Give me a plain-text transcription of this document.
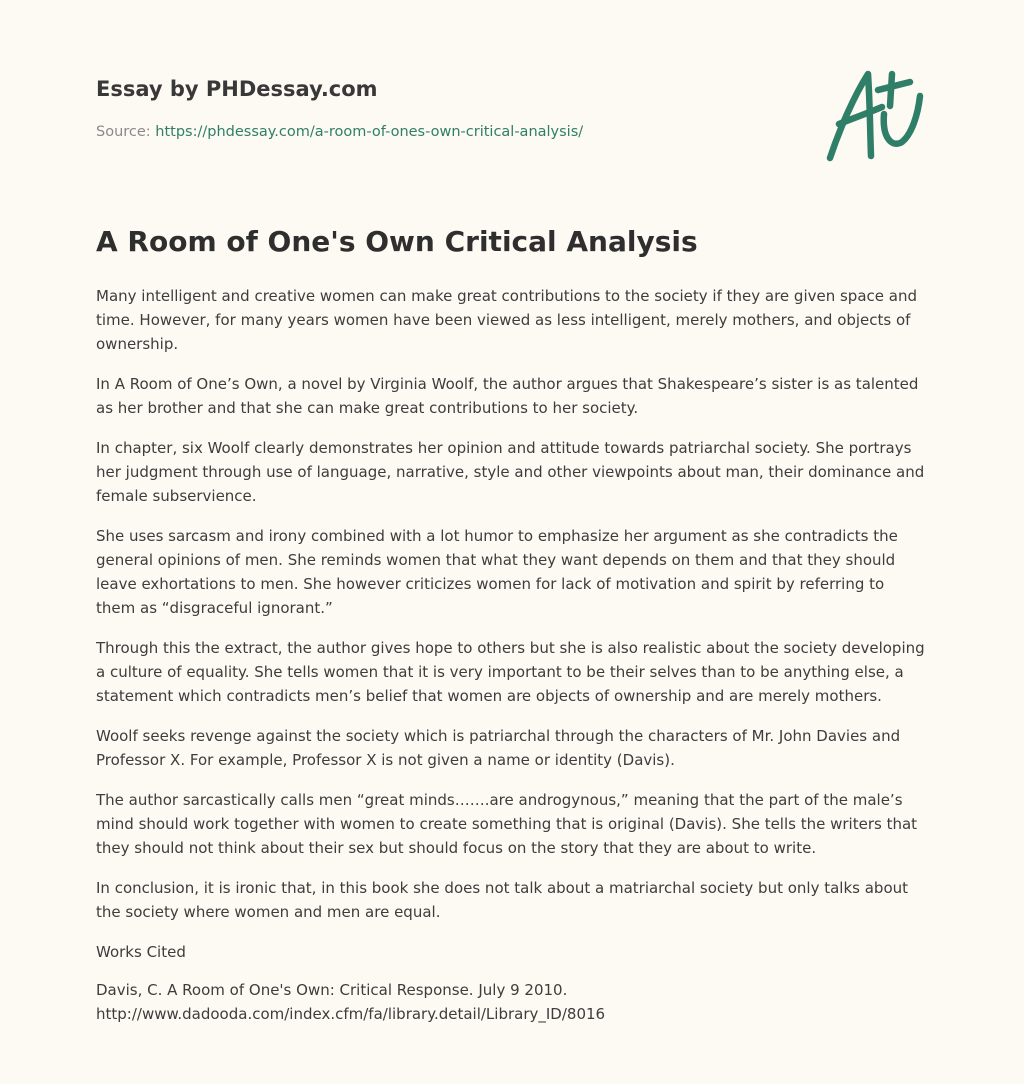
Essay by PHDessay.com
Source: https://phdessay.com/a-room-of-ones-own-critical-analysis/
A Room of One's Own Critical Analysis

Many intelligent and creative women can make great contributions to the society if they are given space and time. However, for many years women have been viewed as less intelligent, merely mothers, and objects of ownership.

In A Room of One’s Own, a novel by Virginia Woolf, the author argues that Shakespeare’s sister is as talented as her brother and that she can make great contributions to her society.

In chapter, six Woolf clearly demonstrates her opinion and attitude towards patriarchal society. She portrays her judgment through use of language, narrative, style and other viewpoints about man, their dominance and female subservience.

She uses sarcasm and irony combined with a lot humor to emphasize her argument as she contradicts the general opinions of men. She reminds women that what they want depends on them and that they should leave exhortations to men. She however criticizes women for lack of motivation and spirit by referring to them as “disgraceful ignorant.”

Through this the extract, the author gives hope to others but she is also realistic about the society developing a culture of equality. She tells women that it is very important to be their selves than to be anything else, a statement which contradicts men’s belief that women are objects of ownership and are merely mothers.

Woolf seeks revenge against the society which is patriarchal through the characters of Mr. John Davies and Professor X. For example, Professor X is not given a name or identity (Davis).

The author sarcastically calls men “great minds…….are androgynous,” meaning that the part of the male’s mind should work together with women to create something that is original (Davis). She tells the writers that they should not think about their sex but should focus on the story that they are about to write.

In conclusion, it is ironic that, in this book she does not talk about a matriarchal society but only talks about the society where women and men are equal.

Works Cited

Davis, C. A Room of One's Own: Critical Response. July 9 2010.
http://www.dadooda.com/index.cfm/fa/library.detail/Library_ID/8016
